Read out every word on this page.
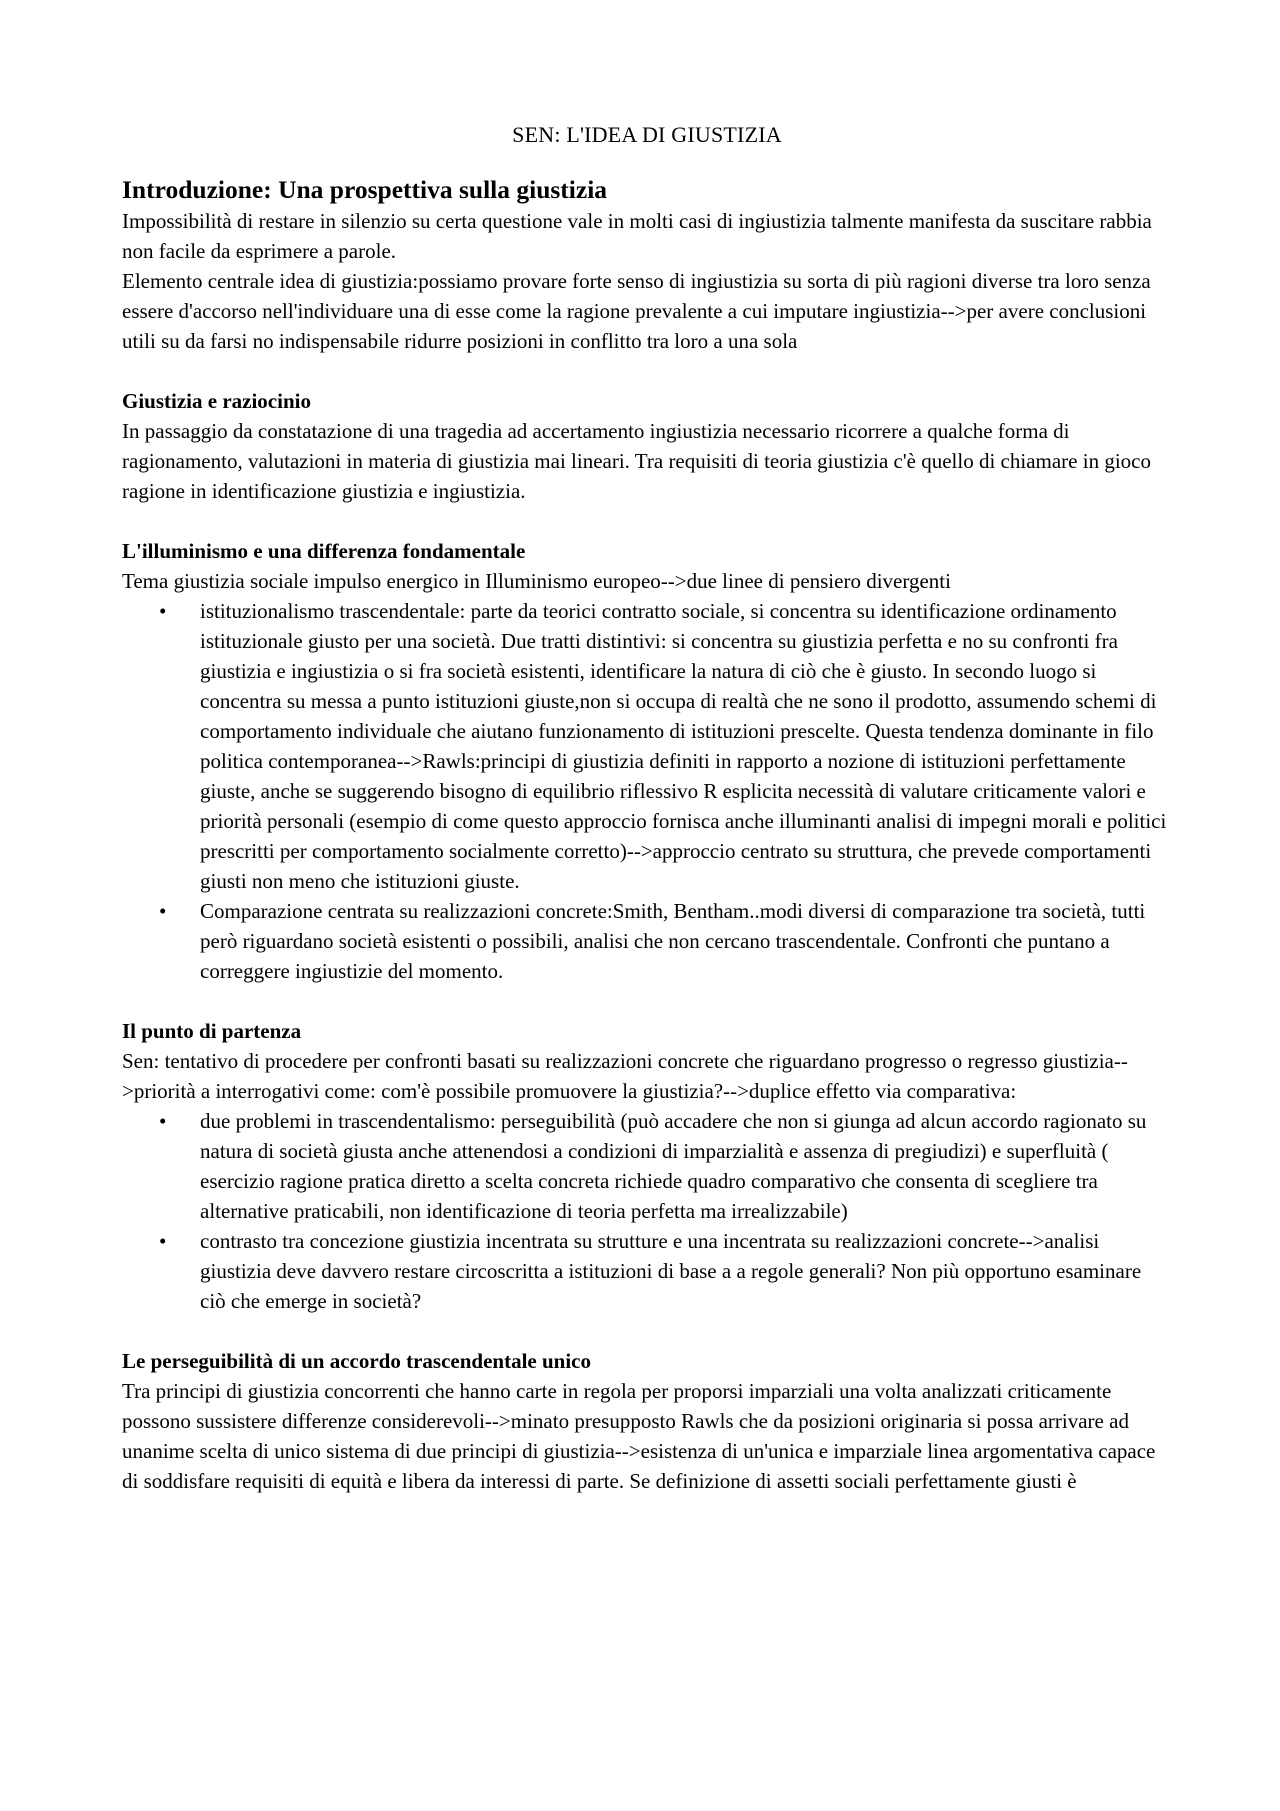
SEN: L'IDEA DI GIUSTIZIA
Introduzione: Una prospettiva sulla giustizia

Impossibilità di restare in silenzio su certa questione vale in molti casi di ingiustizia talmente manifesta da suscitare rabbia non facile da esprimere a parole.

Elemento centrale idea di giustizia:possiamo provare forte senso di ingiustizia su sorta di più ragioni diverse tra loro senza essere d'accorso nell'individuare una di esse come la ragione prevalente a cui imputare ingiustizia-->per avere conclusioni utili su da farsi no indispensabile ridurre posizioni in conflitto tra loro a una sola

Giustizia e raziocinio

In passaggio da constatazione di una tragedia ad accertamento ingiustizia necessario ricorrere a qualche forma di ragionamento, valutazioni in materia di giustizia mai lineari. Tra requisiti di teoria giustizia c'è quello di chiamare in gioco ragione in identificazione giustizia e ingiustizia.

L'illuminismo e una differenza fondamentale

Tema giustizia sociale impulso energico in Illuminismo europeo-->due linee di pensiero divergenti

• istituzionalismo trascendentale: parte da teorici contratto sociale, si concentra su identificazione ordinamento istituzionale giusto per una società. Due tratti distintivi: si concentra su giustizia perfetta e no su confronti fra giustizia e ingiustizia o si fra società esistenti, identificare la natura di ciò che è giusto. In secondo luogo si concentra su messa a punto istituzioni giuste,non si occupa di realtà che ne sono il prodotto, assumendo schemi di comportamento individuale che aiutano funzionamento di istituzioni prescelte. Questa tendenza dominante in filo politica contemporanea-->Rawls:principi di giustizia definiti in rapporto a nozione di istituzioni perfettamente giuste, anche se suggerendo bisogno di equilibrio riflessivo R esplicita necessità di valutare criticamente valori e priorità personali (esempio di come questo approccio fornisca anche illuminanti analisi di impegni morali e politici prescritti per comportamento socialmente corretto)-->approccio centrato su struttura, che prevede comportamenti giusti non meno che istituzioni giuste.
• Comparazione centrata su realizzazioni concrete:Smith, Bentham..modi diversi di comparazione tra società, tutti però riguardano società esistenti o possibili, analisi che non cercano trascendentale. Confronti che puntano a correggere ingiustizie del momento.
Il punto di partenza

Sen: tentativo di procedere per confronti basati su realizzazioni concrete che riguardano progresso o regresso giustizia-->priorità a interrogativi come: com'è possibile promuovere la giustizia?-->duplice effetto via comparativa:

• due problemi in trascendentalismo: perseguibilità (può accadere che non si giunga ad alcun accordo ragionato su natura di società giusta anche attenendosi a condizioni di imparzialità e assenza di pregiudizi) e superfluità ( esercizio ragione pratica diretto a scelta concreta richiede quadro comparativo che consenta di scegliere tra alternative praticabili, non identificazione di teoria perfetta ma irrealizzabile)
• contrasto tra concezione giustizia incentrata su strutture e una incentrata su realizzazioni concrete-->analisi giustizia deve davvero restare circoscritta a istituzioni di base a a regole generali? Non più opportuno esaminare ciò che emerge in società?
Le perseguibilità di un accordo trascendentale unico

Tra principi di giustizia concorrenti che hanno carte in regola per proporsi imparziali una volta analizzati criticamente possono sussistere differenze considerevoli-->minato presupposto Rawls che da posizioni originaria si possa arrivare ad unanime scelta di unico sistema di due principi di giustizia-->esistenza di un'unica e imparziale linea argomentativa capace di soddisfare requisiti di equità e libera da interessi di parte. Se definizione di assetti sociali perfettamente giusti è
